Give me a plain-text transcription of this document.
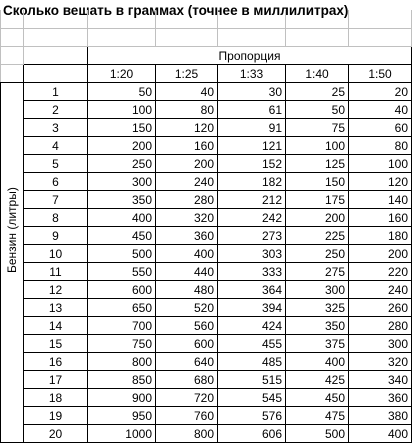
Сколько вешать в граммах (точнее в миллилитрах)

		Пропорция				
		1:20	1:25	1:33	1:40	1:50

Бензин (литры)	1	50	40	30	25	20
	2	100	80	61	50	40
	3	150	120	91	75	60
	4	200	160	121	100	80
	5	250	200	152	125	100
	6	300	240	182	150	120
	7	350	280	212	175	140
	8	400	320	242	200	160
	9	450	360	273	225	180
	10	500	400	303	250	200
	11	550	440	333	275	220
	12	600	480	364	300	240
	13	650	520	394	325	260
	14	700	560	424	350	280
	15	750	600	455	375	300
	16	800	640	485	400	320
	17	850	680	515	425	340
	18	900	720	545	450	360
	19	950	760	576	475	380
	20	1000	800	606	500	400
